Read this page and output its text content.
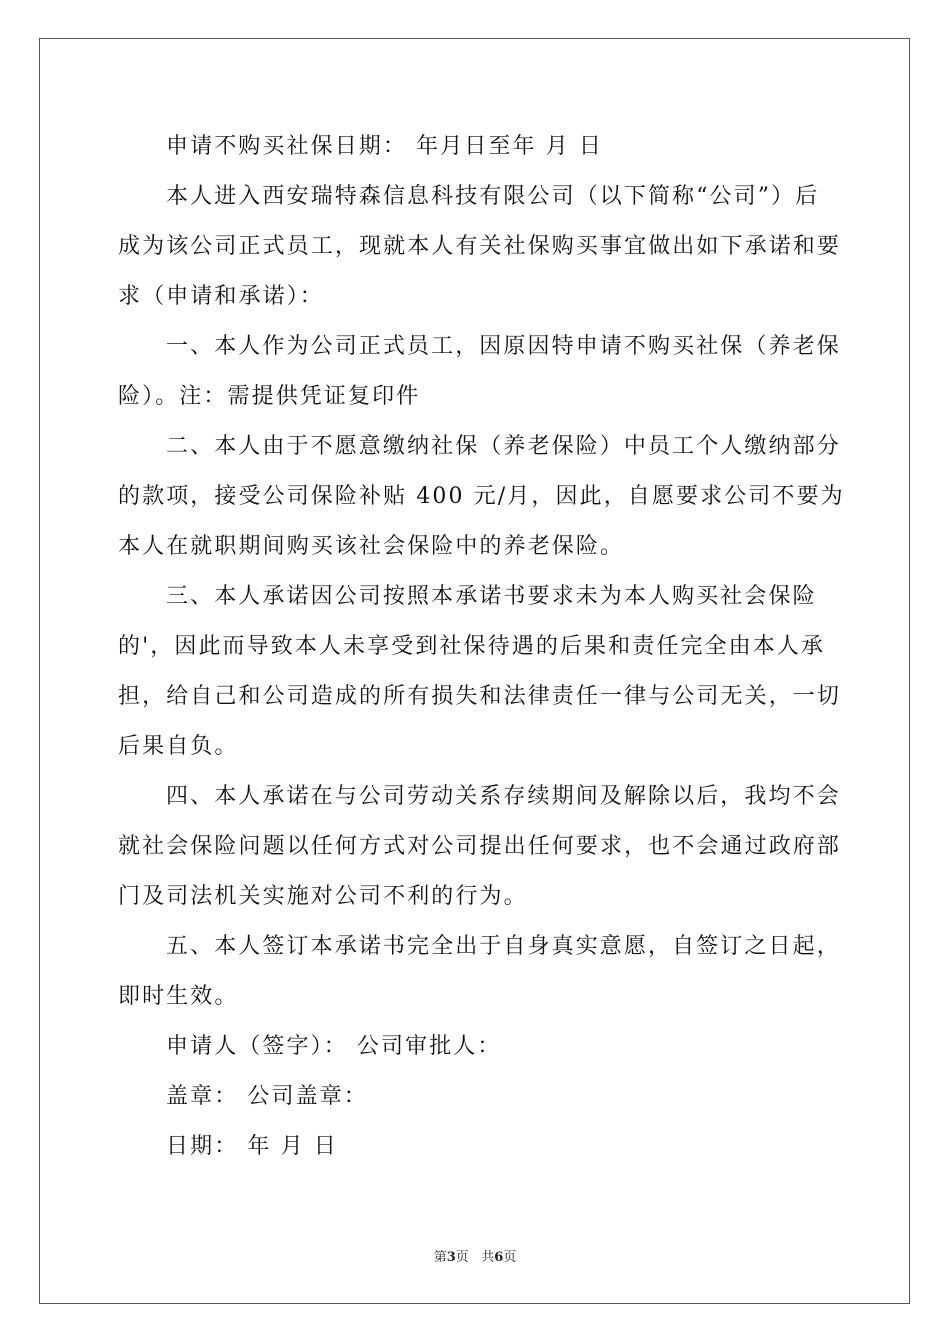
申请不购买社保日期： 年月日至年 月 日
本人进入西安瑞特森信息科技有限公司（以下简称“公司”）后
成为该公司正式员工，现就本人有关社保购买事宜做出如下承诺和要
求（申请和承诺）：
一、本人作为公司正式员工，因原因特申请不购买社保（养老保
险）。注：需提供凭证复印件
二、本人由于不愿意缴纳社保（养老保险）中员工个人缴纳部分
的款项，接受公司保险补贴 400 元/月，因此，自愿要求公司不要为
本人在就职期间购买该社会保险中的养老保险。
三、本人承诺因公司按照本承诺书要求未为本人购买社会保险
的'，因此而导致本人未享受到社保待遇的后果和责任完全由本人承
担，给自己和公司造成的所有损失和法律责任一律与公司无关，一切
后果自负。
四、本人承诺在与公司劳动关系存续期间及解除以后，我均不会
就社会保险问题以任何方式对公司提出任何要求，也不会通过政府部
门及司法机关实施对公司不利的行为。
五、本人签订本承诺书完全出于自身真实意愿，自签订之日起，
即时生效。
申请人（签字）： 公司审批人：
盖章： 公司盖章：
日期： 年 月 日
第3页 共6页
